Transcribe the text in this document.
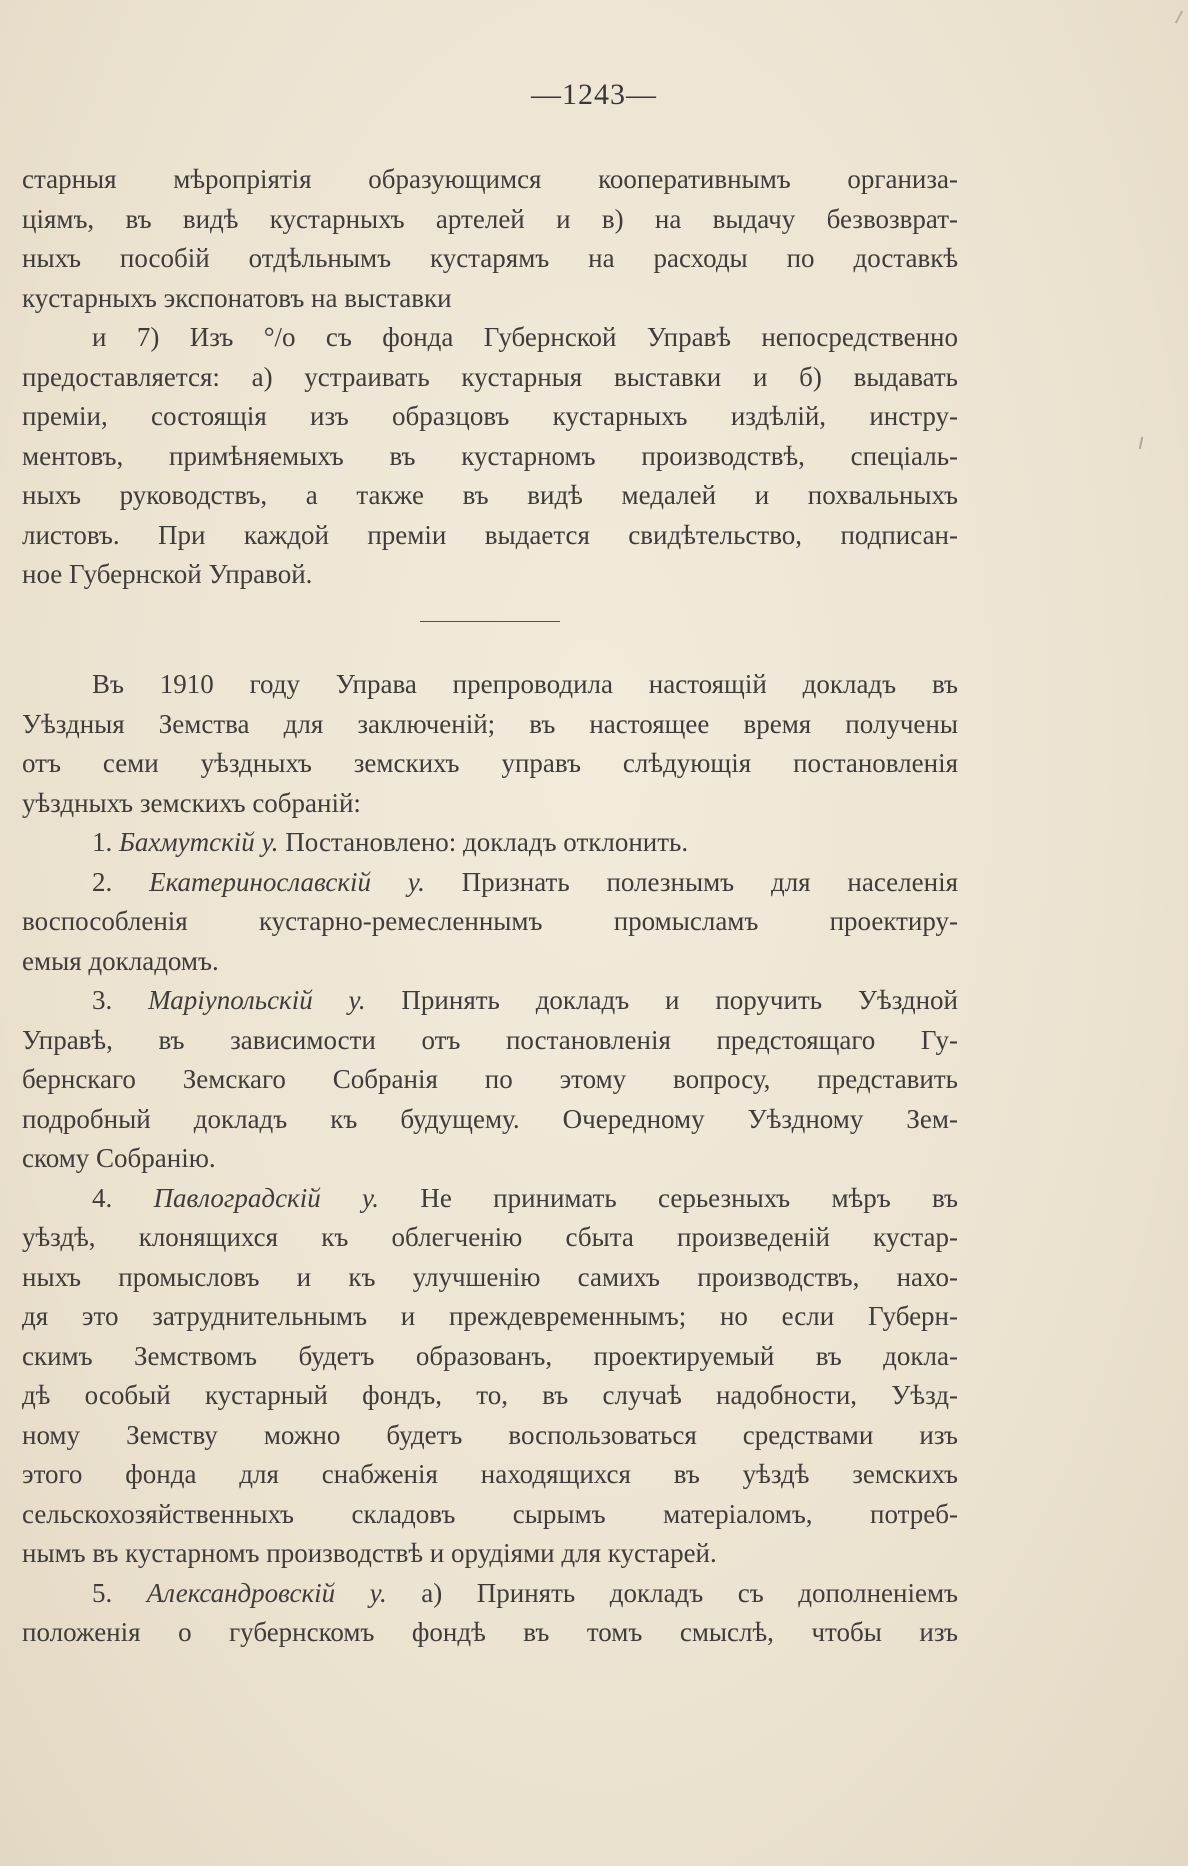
—1243—
старныя мѣропріятія образующимся кооперативнымъ организа-
ціямъ, въ видѣ кустарныхъ артелей и в) на выдачу безвозврат-
ныхъ пособій отдѣльнымъ кустарямъ на расходы по доставкѣ
кустарныхъ экспонатовъ на выставки
и 7) Изъ °/о съ фонда Губернской Управѣ непосредственно
предоставляется: а) устраивать кустарныя выставки и б) выдавать
преміи, состоящія изъ образцовъ кустарныхъ издѣлій, инстру-
ментовъ, примѣняемыхъ въ кустарномъ производствѣ, спеціаль-
ныхъ руководствъ, а также въ видѣ медалей и похвальныхъ
листовъ. При каждой преміи выдается свидѣтельство, подписан-
ное Губернской Управой.
Въ 1910 году Управа препроводила настоящій докладъ въ
Уѣздныя Земства для заключеній; въ настоящее время получены
отъ семи уѣздныхъ земскихъ управъ слѣдующія постановленія
уѣздныхъ земскихъ собраній:
1. Бахмутскій у. Постановлено: докладъ отклонить.
2. Екатеринославскій у. Признать полезнымъ для населенія
воспособленія кустарно-ремесленнымъ промысламъ проектиру-
емыя докладомъ.
3. Маріупольскій у. Принять докладъ и поручить Уѣздной
Управѣ, въ зависимости отъ постановленія предстоящаго Гу-
бернскаго Земскаго Собранія по этому вопросу, представить
подробный докладъ къ будущему. Очередному Уѣздному Зем-
скому Собранію.
4. Павлоградскій у. Не принимать серьезныхъ мѣръ въ
уѣздѣ, клонящихся къ облегченію сбыта произведеній кустар-
ныхъ промысловъ и къ улучшенію самихъ производствъ, нахо-
дя это затруднительнымъ и преждевременнымъ; но если Губерн-
скимъ Земствомъ будетъ образованъ, проектируемый въ докла-
дѣ особый кустарный фондъ, то, въ случаѣ надобности, Уѣзд-
ному Земству можно будетъ воспользоваться средствами изъ
этого фонда для снабженія находящихся въ уѣздѣ земскихъ
сельскохозяйственныхъ складовъ сырымъ матеріаломъ, потреб-
нымъ въ кустарномъ производствѣ и орудіями для кустарей.
5. Александровскій у. а) Принять докладъ съ дополненіемъ
положенія о губернскомъ фондѣ въ томъ смыслѣ, чтобы изъ
